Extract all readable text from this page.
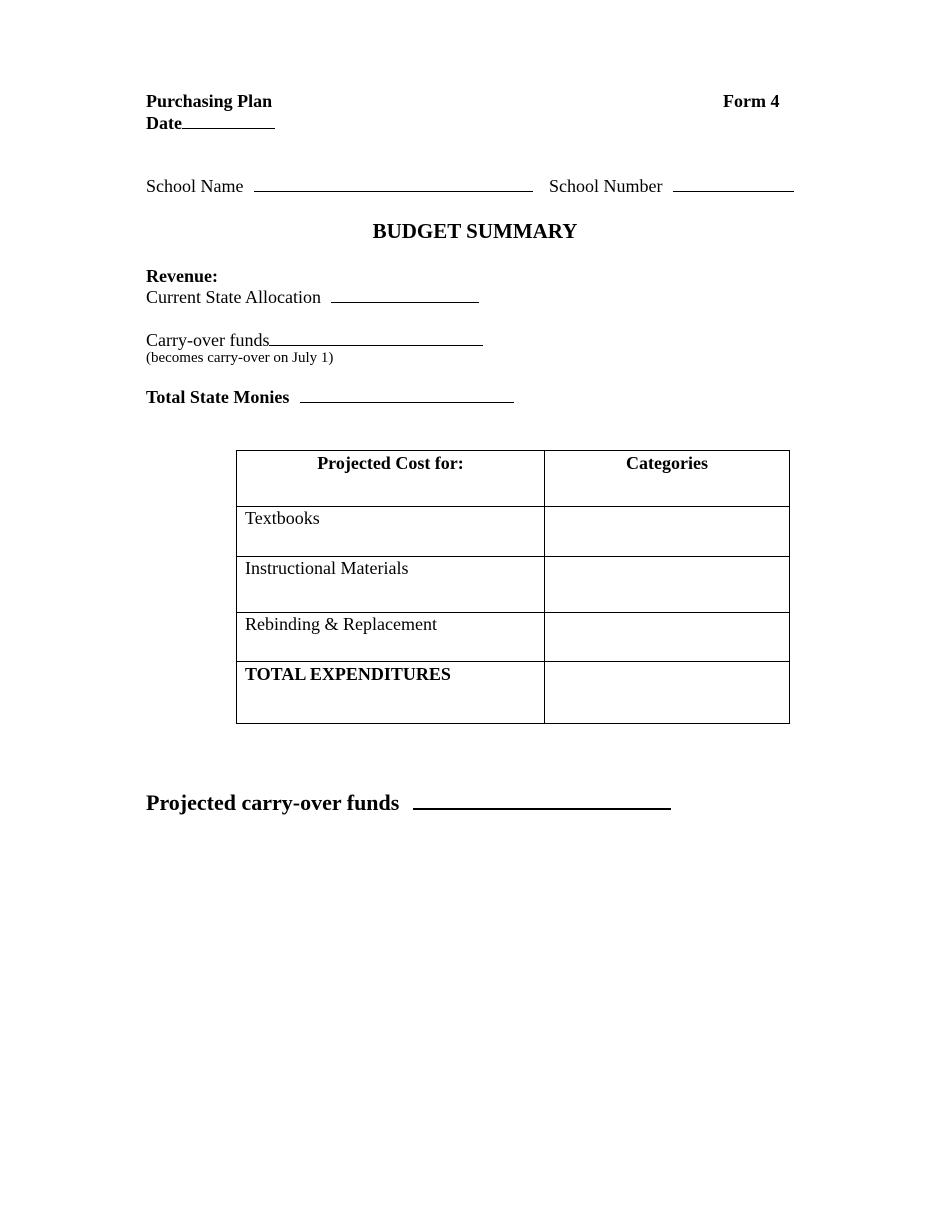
Purchasing Plan	Form 4
Date
School Name	School Number
BUDGET SUMMARY
Revenue:
Current State Allocation
Carry-over funds
(becomes carry-over on July 1)
Total State Monies
Projected Cost for:	Categories
Textbooks	
Instructional Materials	
Rebinding & Replacement	
TOTAL EXPENDITURES	
Projected carry-over funds
